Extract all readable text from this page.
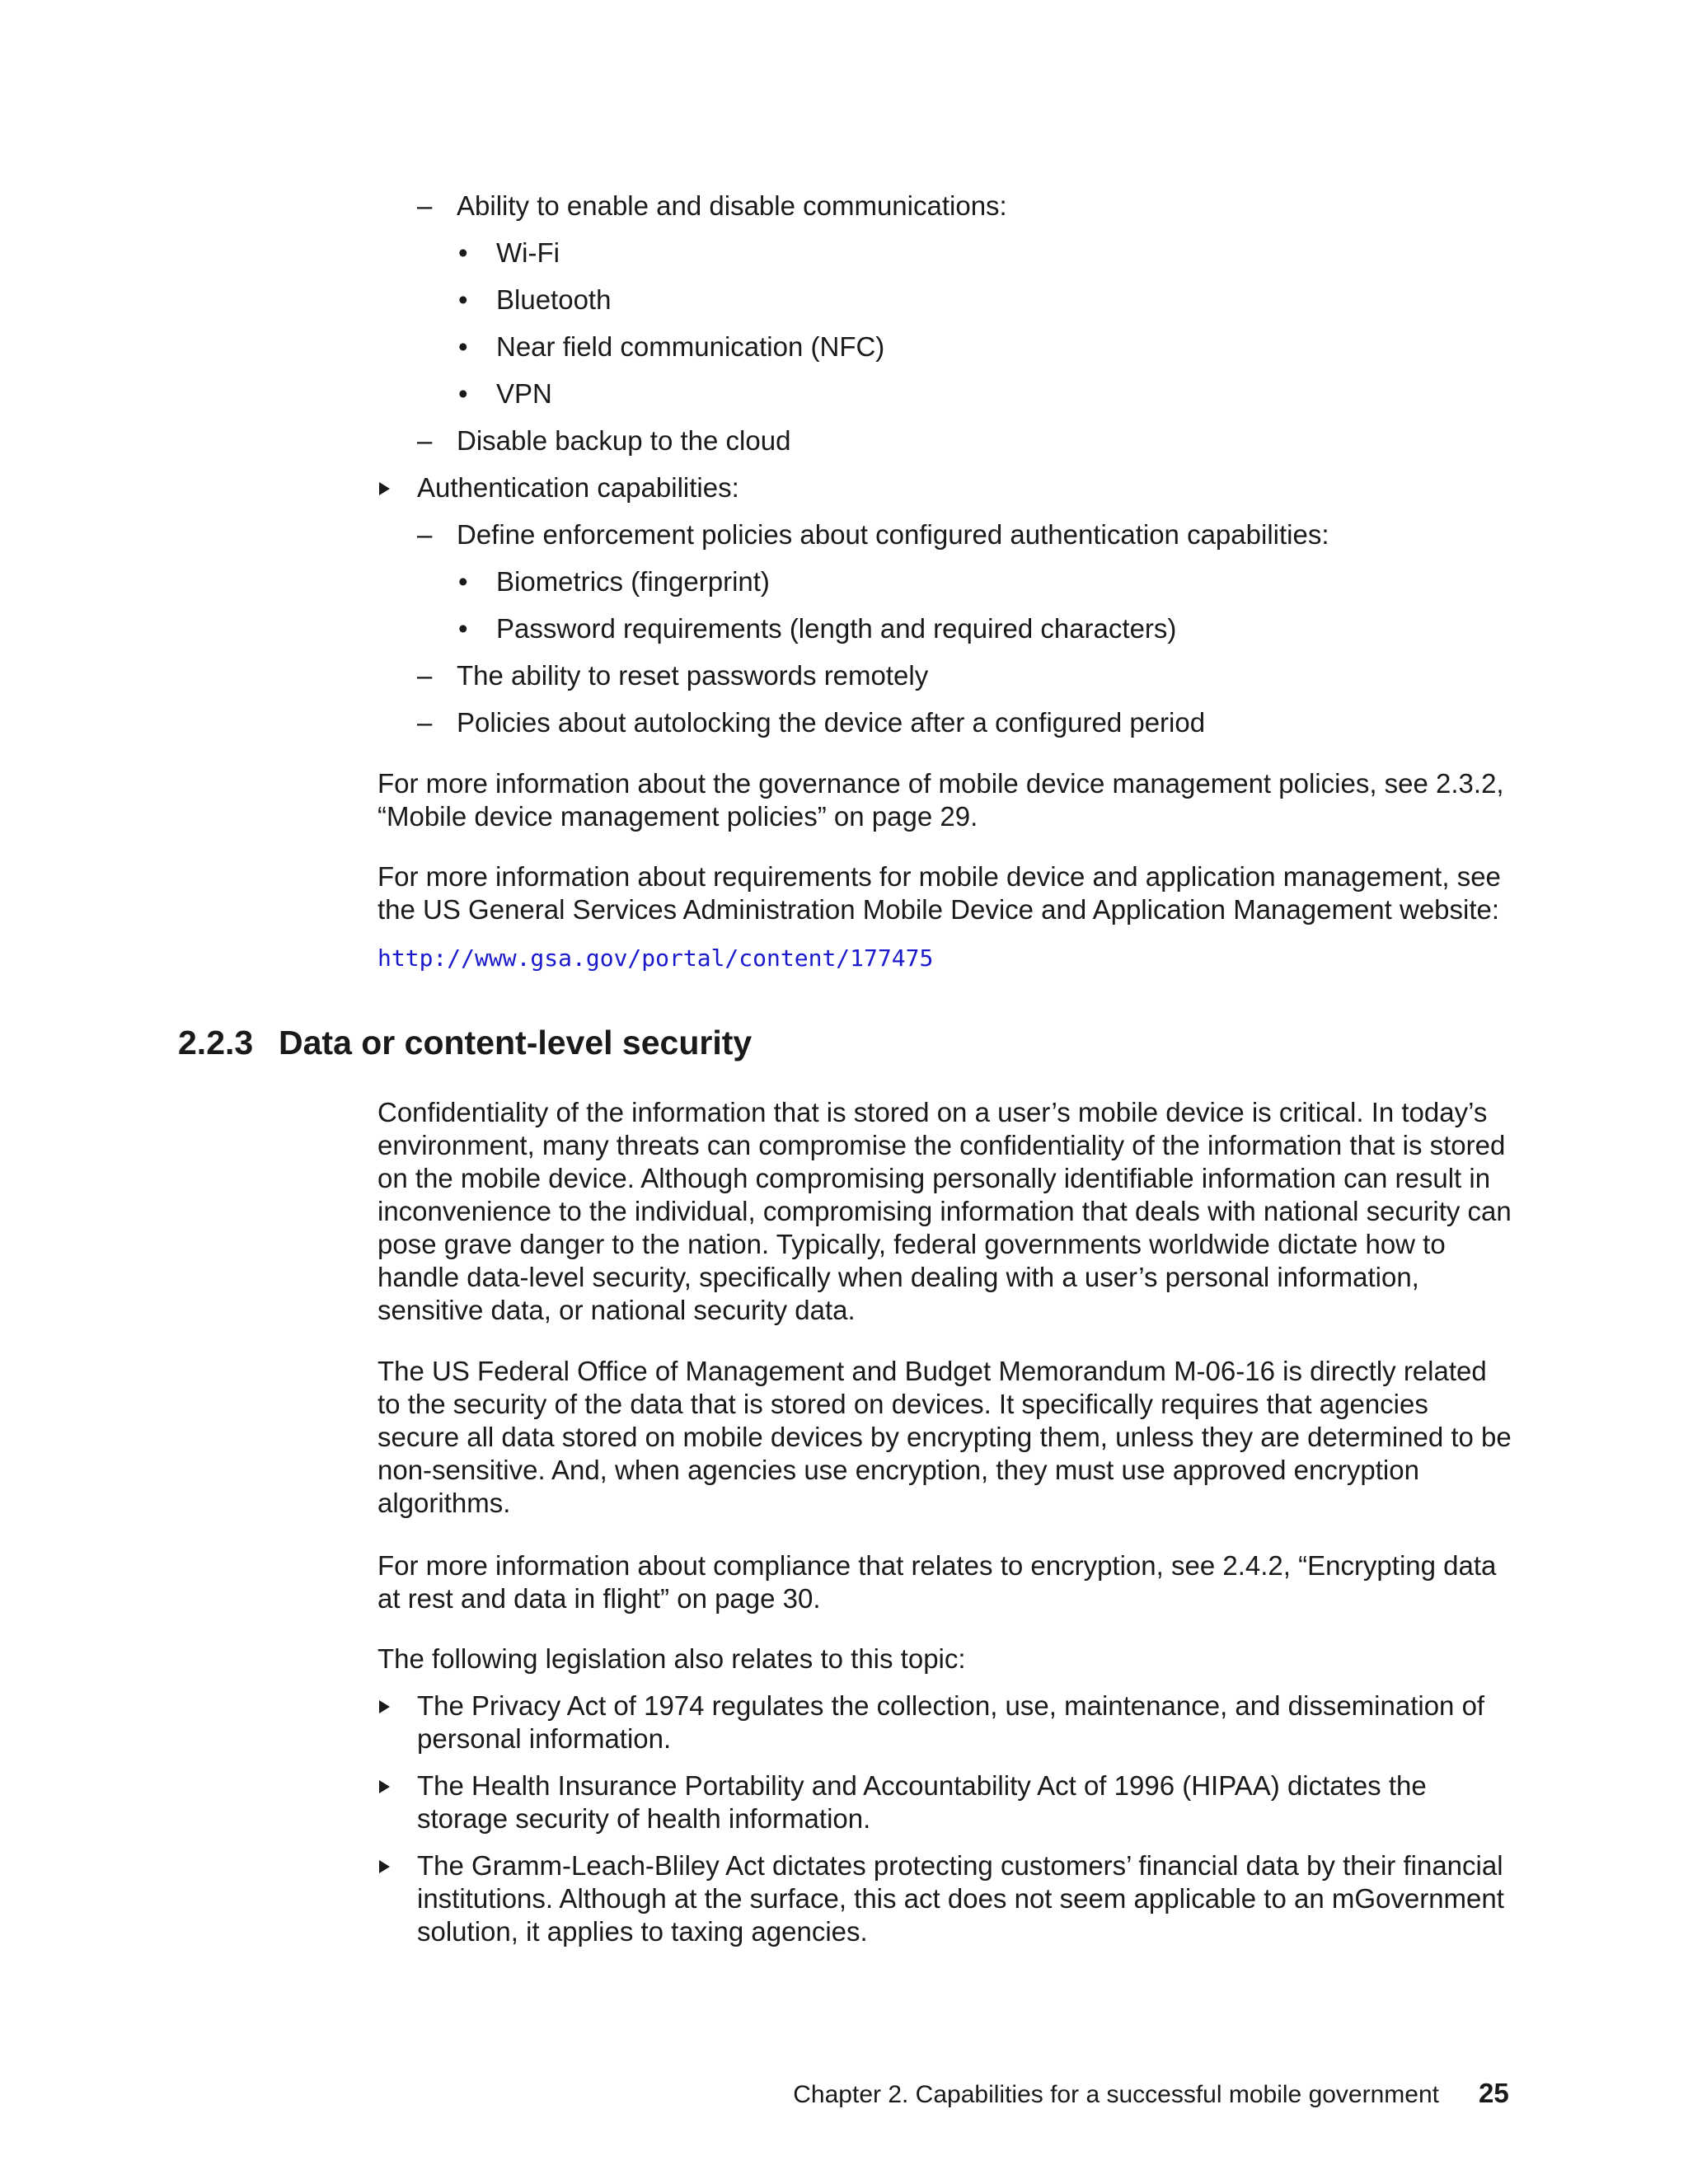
– Ability to enable and disable communications:
• Wi-Fi
• Bluetooth
• Near field communication (NFC)
• VPN
– Disable backup to the cloud
Authentication capabilities:
– Define enforcement policies about configured authentication capabilities:
• Biometrics (fingerprint)
• Password requirements (length and required characters)
– The ability to reset passwords remotely
– Policies about autolocking the device after a configured period

For more information about the governance of mobile device management policies, see 2.3.2, “Mobile device management policies” on page 29.

For more information about requirements for mobile device and application management, see the US General Services Administration Mobile Device and Application Management website:

http://www.gsa.gov/portal/content/177475
2.2.3 Data or content-level security

Confidentiality of the information that is stored on a user’s mobile device is critical. In today’s environment, many threats can compromise the confidentiality of the information that is stored on the mobile device. Although compromising personally identifiable information can result in inconvenience to the individual, compromising information that deals with national security can pose grave danger to the nation. Typically, federal governments worldwide dictate how to handle data-level security, specifically when dealing with a user’s personal information, sensitive data, or national security data.

The US Federal Office of Management and Budget Memorandum M-06-16 is directly related to the security of the data that is stored on devices. It specifically requires that agencies secure all data stored on mobile devices by encrypting them, unless they are determined to be non-sensitive. And, when agencies use encryption, they must use approved encryption algorithms.

For more information about compliance that relates to encryption, see 2.4.2, “Encrypting data at rest and data in flight” on page 30.

The following legislation also relates to this topic:

The Privacy Act of 1974 regulates the collection, use, maintenance, and dissemination of personal information.
The Health Insurance Portability and Accountability Act of 1996 (HIPAA) dictates the storage security of health information.
The Gramm-Leach-Bliley Act dictates protecting customers’ financial data by their financial institutions. Although at the surface, this act does not seem applicable to an mGovernment solution, it applies to taxing agencies.
Chapter 2. Capabilities for a successful mobile government 25
